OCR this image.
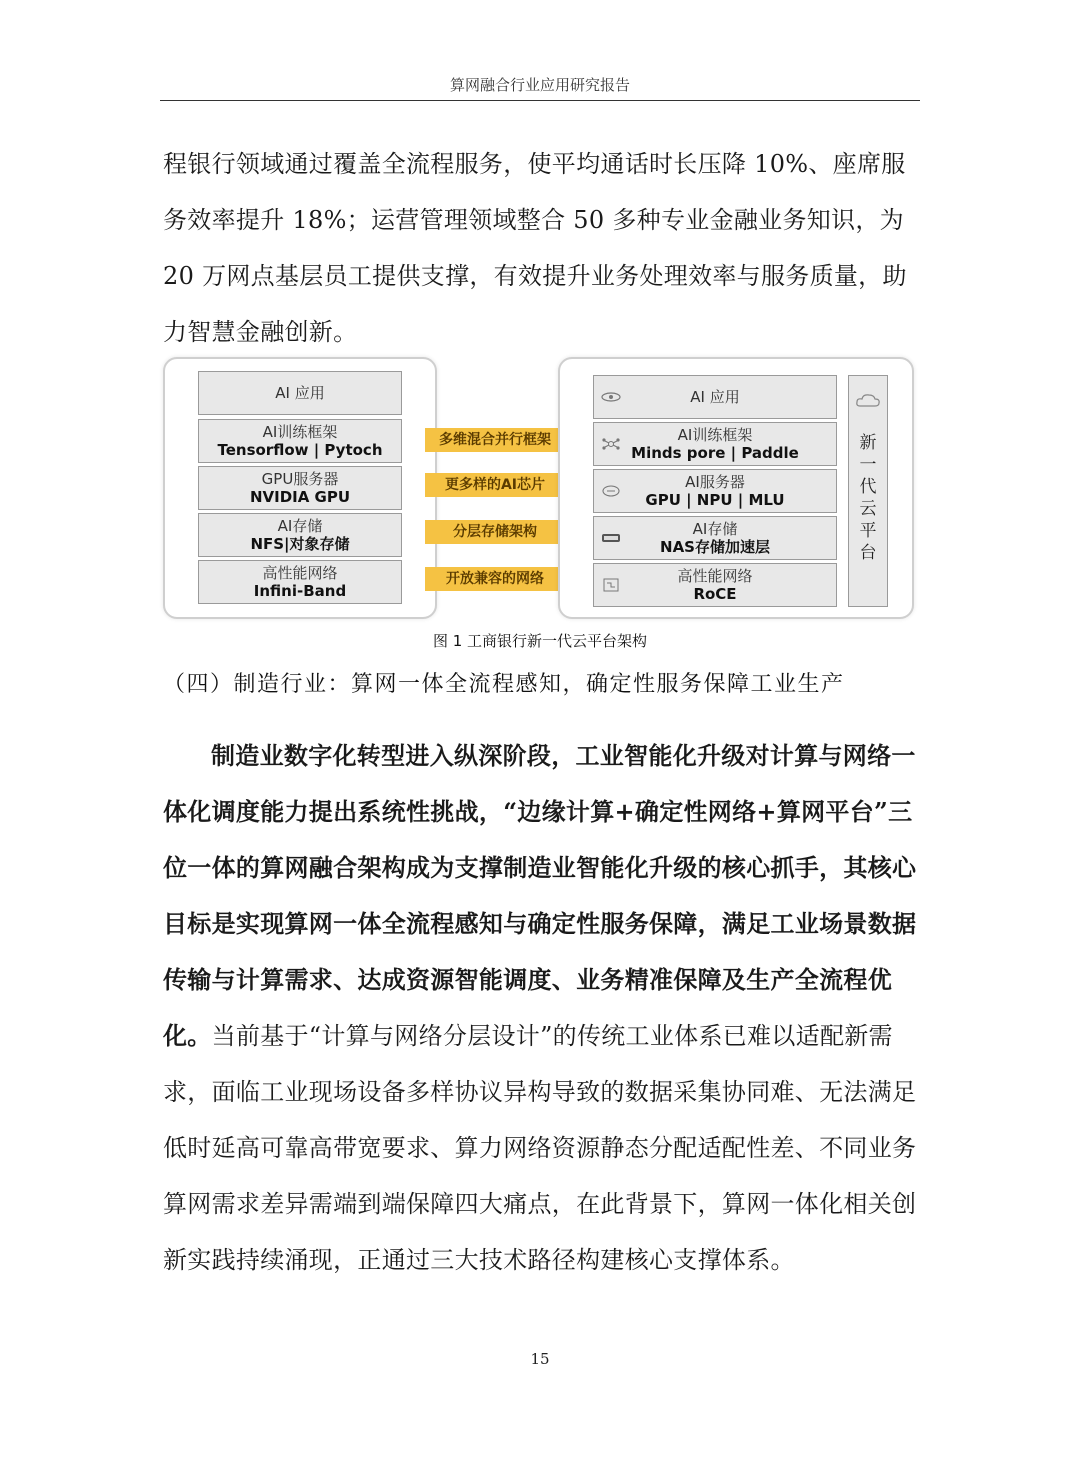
算网融合行业应用研究报告

程银行领域通过覆盖全流程服务，使平均通话时长压降 10%、座席服务效率提升 18%；运营管理领域整合 50 多种专业金融业务知识，为 20 万网点基层员工提供支撑，有效提升业务处理效率与服务质量，助力智慧金融创新。

AI 应用
AI训练框架
Tensorflow | Pytoch
GPU服务器
NVIDIA GPU
AI存储
NFS|对象存储
高性能网络
Infini-Band
多维混合并行框架
更多样的AI芯片
分层存储架构
开放兼容的网络
AI 应用
AI训练框架
Minds pore | Paddle
AI服务器
GPU | NPU | MLU
AI存储
NAS存储加速层
高性能网络
RoCE
新
一
代
云
平
台
图 1 工商银行新一代云平台架构
（四）制造行业：算网一体全流程感知，确定性服务保障工业生产

制造业数字化转型进入纵深阶段，工业智能化升级对计算与网络一体化调度能力提出系统性挑战，“边缘计算+确定性网络+算网平台”三位一体的算网融合架构成为支撑制造业智能化升级的核心抓手，其核心目标是实现算网一体全流程感知与确定性服务保障，满足工业场景数据传输与计算需求、达成资源智能调度、业务精准保障及生产全流程优化。当前基于“计算与网络分层设计”的传统工业体系已难以适配新需求，面临工业现场设备多样协议异构导致的数据采集协同难、无法满足低时延高可靠高带宽要求、算力网络资源静态分配适配性差、不同业务算网需求差异需端到端保障四大痛点，在此背景下，算网一体化相关创新实践持续涌现，正通过三大技术路径构建核心支撑体系。

15
